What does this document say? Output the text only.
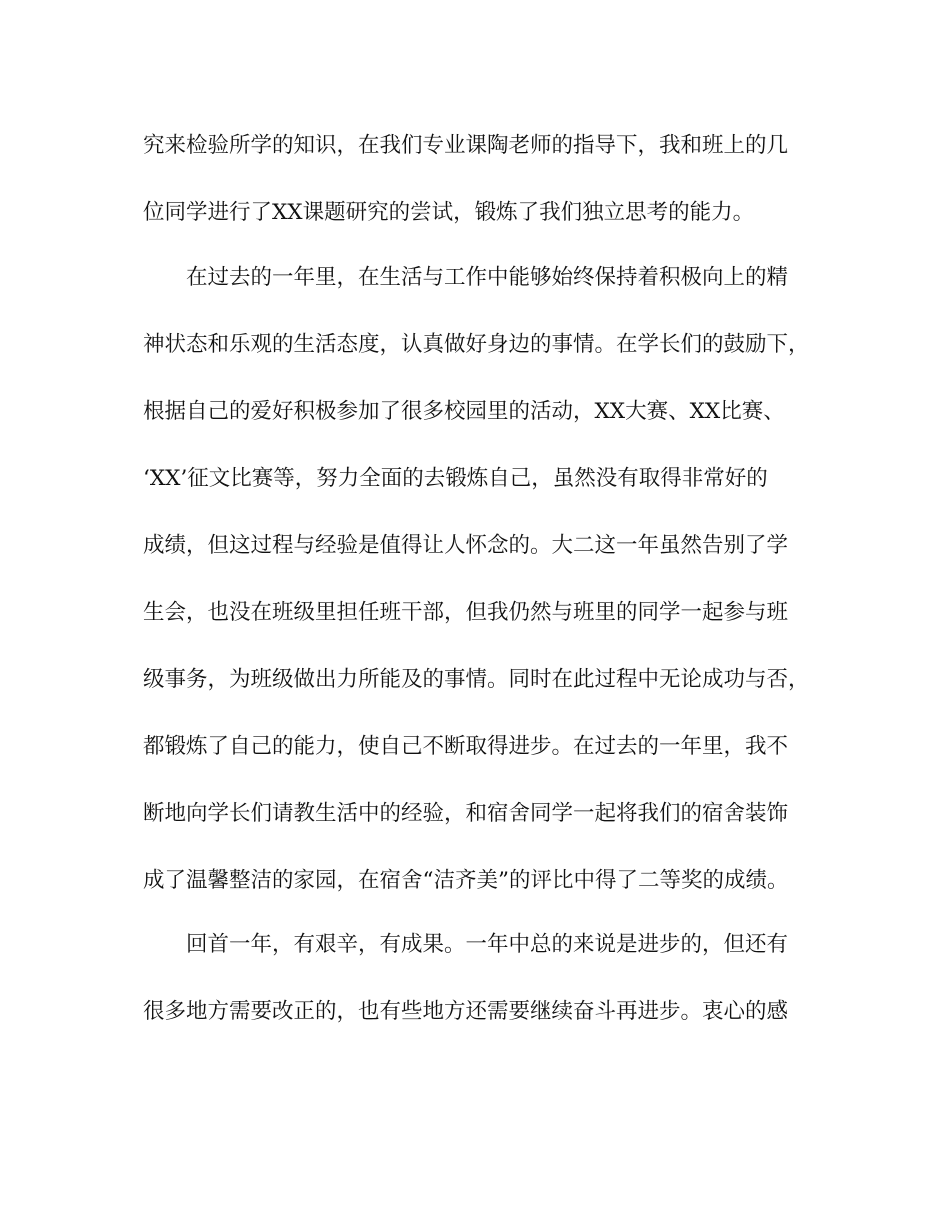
究来检验所学的知识，在我们专业课陶老师的指导下，我和班上的几
位同学进行了XX课题研究的尝试，锻炼了我们独立思考的能力。
在过去的一年里，在生活与工作中能够始终保持着积极向上的精
神状态和乐观的生活态度，认真做好身边的事情。在学长们的鼓励下，
根据自己的爱好积极参加了很多校园里的活动，XX大赛、XX比赛、
‘XX’征文比赛等，努力全面的去锻炼自己，虽然没有取得非常好的
成绩，但这过程与经验是值得让人怀念的。大二这一年虽然告别了学
生会，也没在班级里担任班干部，但我仍然与班里的同学一起参与班
级事务，为班级做出力所能及的事情。同时在此过程中无论成功与否，
都锻炼了自己的能力，使自己不断取得进步。在过去的一年里，我不
断地向学长们请教生活中的经验，和宿舍同学一起将我们的宿舍装饰
成了温馨整洁的家园，在宿舍“洁齐美”的评比中得了二等奖的成绩。
回首一年，有艰辛，有成果。一年中总的来说是进步的，但还有
很多地方需要改正的，也有些地方还需要继续奋斗再进步。衷心的感
